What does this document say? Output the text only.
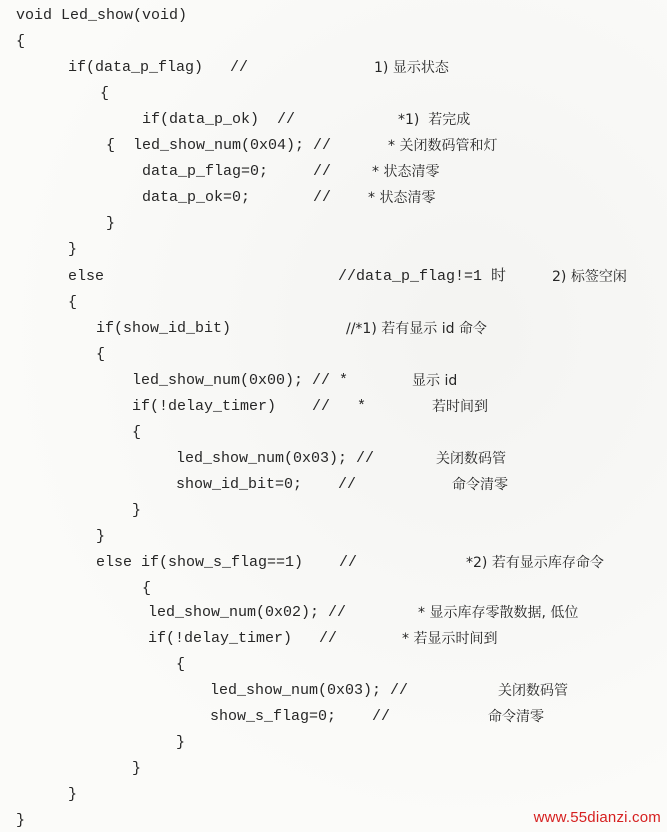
void Led_show(void)
{
if(data_p_flag)   //	1) 显示状态
{
if(data_p_ok)  //	*1)  若完成
{  led_show_num(0x04); //	* 关闭数码管和灯
data_p_flag=0;     //	* 状态清零
data_p_ok=0;       //	* 状态清零
}
}
else	//data_p_flag!=1 时	2) 标签空闲
{
if(show_id_bit)	//*1) 若有显示 id 命令
{
led_show_num(0x00); // *	显示 id
if(!delay_timer)    //   *	若时间到
{
led_show_num(0x03); //	关闭数码管
show_id_bit=0;    //	命令清零
}
}
else if(show_s_flag==1)    //	*2) 若有显示库存命令
{
led_show_num(0x02); //	* 显示库存零散数据, 低位
if(!delay_timer)   //	* 若显示时间到
{
led_show_num(0x03); //	关闭数码管
show_s_flag=0;    //	命令清零
}
}
}
}	www.55dianzi.com
